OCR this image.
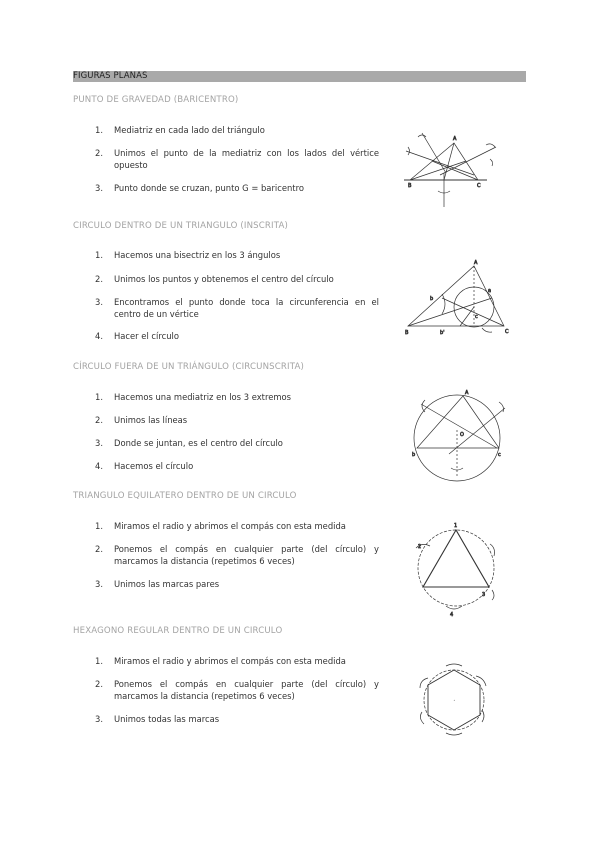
FIGURAS PLANAS
PUNTO DE GRAVEDAD (BARICENTRO)
1.	Mediatriz en cada lado del triángulo
2.	Unimos el punto de la mediatriz con los lados del vértice opuesto
3.	Punto donde se cruzan, punto G = baricentro
A
B	C
CIRCULO DENTRO DE UN TRIANGULO (INSCRITA)
1.	Hacemos una bisectriz en los 3 ángulos
2.	Unimos los puntos y obtenemos el centro del círculo
3.	Encontramos el punto donde toca la circunferencia en el centro de un vértice
4.	Hacer el círculo
A
B	C
a
b
c
b'
CÍRCULO FUERA DE UN TRIÁNGULO (CIRCUNSCRITA)
1.	Hacemos una mediatriz en los 3 extremos
2.	Unimos las líneas
3.	Donde se juntan, es el centro del círculo
4.	Hacemos el círculo
A
b	c
O
TRIANGULO EQUILATERO DENTRO DE UN CIRCULO
1.	Miramos el radio y abrimos el compás con esta medida
2.	Ponemos el compás en cualquier parte (del círculo) y marcamos la distancia (repetimos 6 veces)
3.	Unimos las marcas pares
1
2
3
4
HEXAGONO REGULAR DENTRO DE UN CIRCULO
1.	Miramos el radio y abrimos el compás con esta medida
2.	Ponemos el compás en cualquier parte (del círculo) y marcamos la distancia (repetimos 6 veces)
3.	Unimos todas las marcas
